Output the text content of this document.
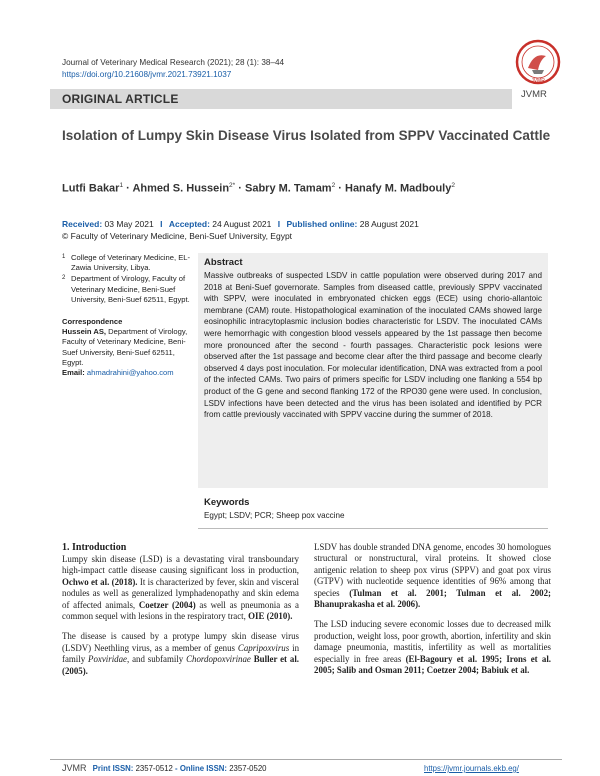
Journal of Veterinary Medical Research (2021); 28 (1): 38–44
https://doi.org/10.21608/jvmr.2021.73921.1037
JVMR
JVMR
ORIGINAL ARTICLE
Isolation of Lumpy Skin Disease Virus Isolated from SPPV Vaccinated Cattle
Lutfi Bakar$^1$ · Ahmed S. Hussein$^{2*}$ · Sabry M. Tamam$^2$ · Hanafy M. Madbouly$^2$
Received: 03 May 2021 I Accepted: 24 August 2021 I Published online: 28 August 2021
© Faculty of Veterinary Medicine, Beni-Suef University, Egypt
1 College of Veterinary Medicine, EL-Zawia University, Libya.
2 Department of Virology, Faculty of Veterinary Medicine, Beni-Suef University, Beni-Suef 62511, Egypt.
Correspondence
Hussein AS, Department of Virology, Faculty of Veterinary Medicine, Beni-Suef University, Beni-Suef 62511, Egypt.
Email: ahmadrahini@yahoo.com
Abstract
Massive outbreaks of suspected LSDV in cattle population were observed during 2017 and 2018 at Beni-Suef governorate. Samples from diseased cattle, previously SPPV vaccinated with SPPV, were inoculated in embryonated chicken eggs (ECE) using chorio-allantoic membrane (CAM) route. Histopathological examination of the inoculated CAMs showed large eosinophilic intracytoplasmic inclusion bodies characteristic for LSDV. The inoculated CAMs were hemorrhagic with congestion blood vessels appeared by the 1st passage then become more pronounced after the second - fourth passages. Characteristic pock lesions were observed after the 1st passage and become clear after the third passage and become clearly observed 4 days post inoculation. For molecular identification, DNA was extracted from a pool of the infected CAMs. Two pairs of primers specific for LSDV including one flanking a 554 bp product of the G gene and second flanking 172 of the RPO30 gene were used. In conclusion, LSDV infections have been detected and the virus has been isolated and identified by PCR from cattle previously vaccinated with SPPV vaccine during the summer of 2018.
Keywords
Egypt; LSDV; PCR; Sheep pox vaccine
1. Introduction

Lumpy skin disease (LSD) is a devastating viral transboundary high-impact cattle disease causing significant loss in production, Ochwo et al. (2018). It is characterized by fever, skin and visceral nodules as well as generalized lymphadenopathy and skin edema of affected animals, Coetzer (2004) as well as pneumonia as a common sequel with lesions in the respiratory tract, OIE (2010).

The disease is caused by a protype lumpy skin disease virus (LSDV) Neethling virus, as a member of genus Capripoxvirus in family Poxviridae, and subfamily Chordopoxvirinae Buller et al. (2005).

LSDV has double stranded DNA genome, encodes 30 homologues structural or nonstructural, viral proteins. It showed close antigenic relation to sheep pox virus (SPPV) and goat pox virus (GTPV) with nucleotide sequence identities of 96% among that species (Tulman et al. 2001; Tulman et al. 2002; Bhanuprakasha et al. 2006).

The LSD inducing severe economic losses due to decreased milk production, weight loss, poor growth, abortion, infertility and skin damage pneumonia, mastitis, infertility as well as mortalities especially in free areas (El-Bagoury et al. 1995; Irons et al. 2005; Salib and Osman 2011; Coetzer 2004; Babiuk et al.

JVMR Print ISSN: 2357-0512 - Online ISSN: 2357-0520	https://jvmr.journals.ekb.eg/
